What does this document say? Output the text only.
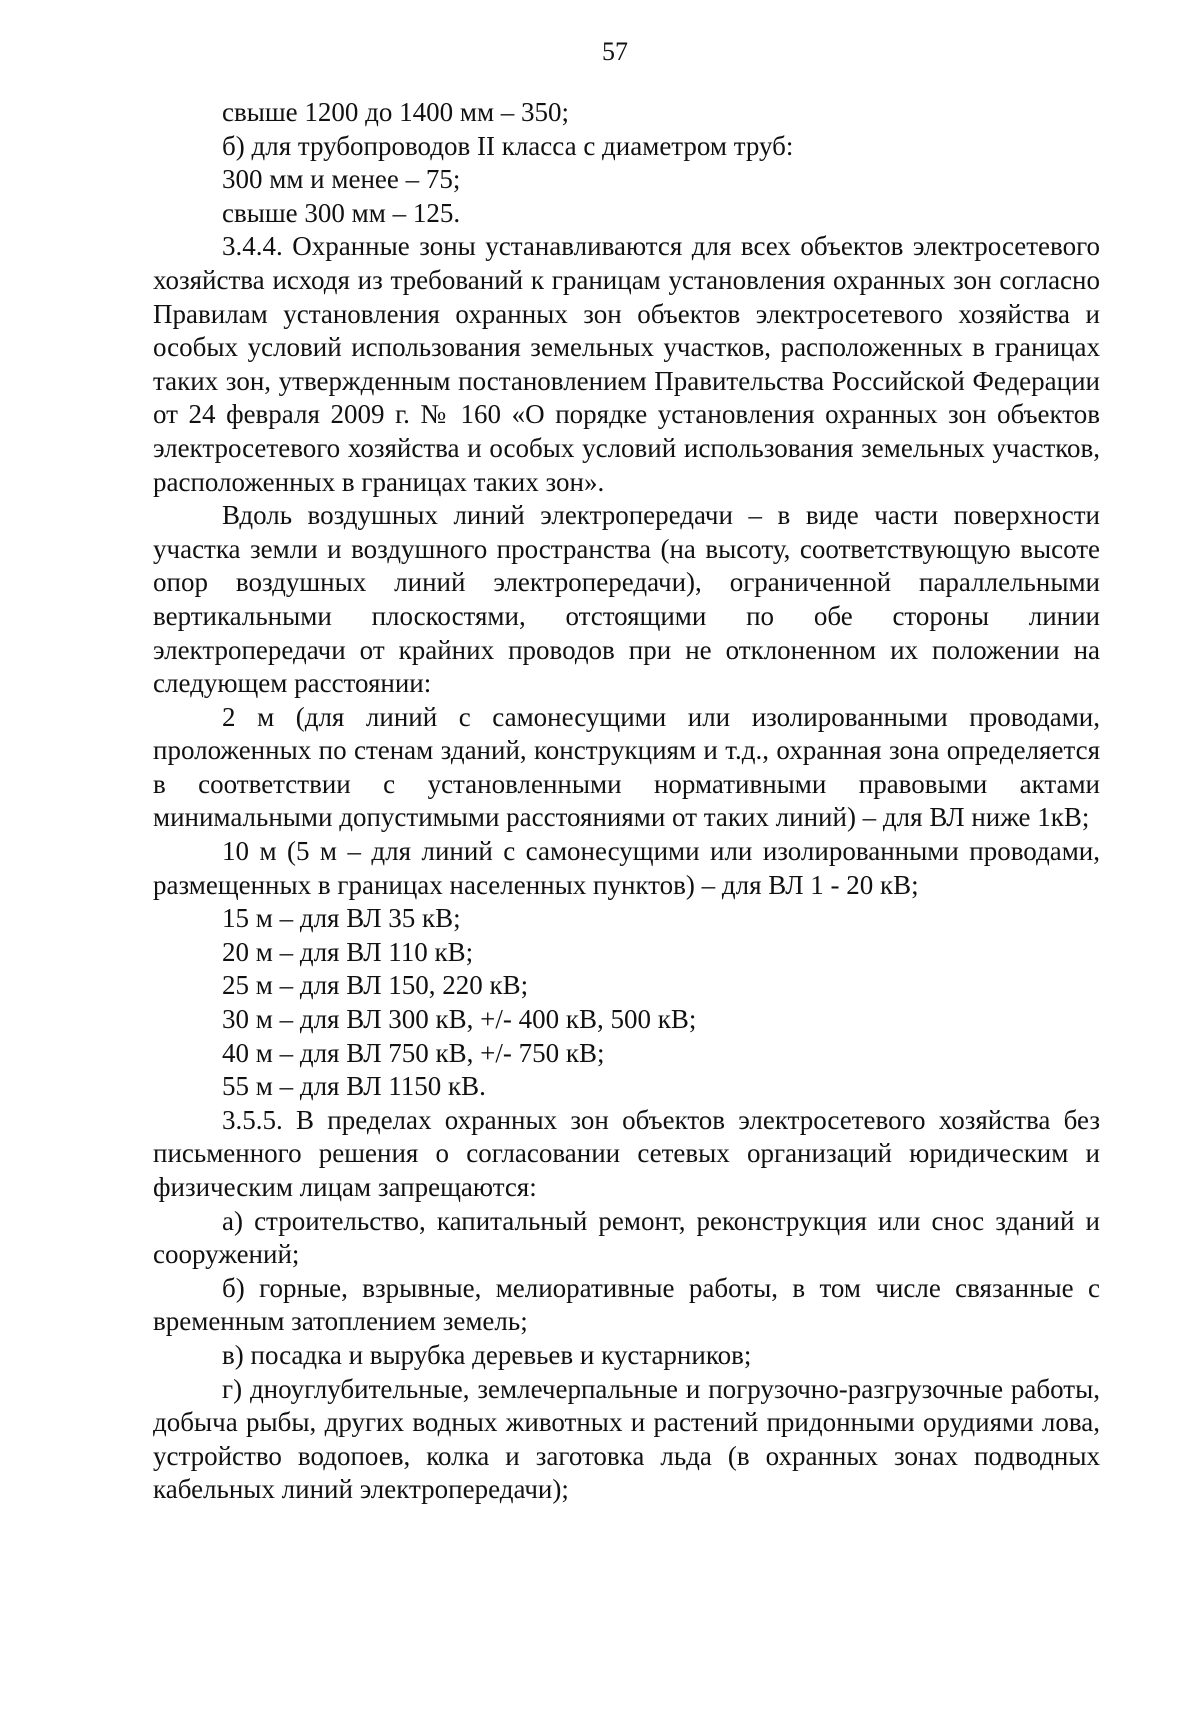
57

свыше 1200 до 1400 мм – 350;

б) для трубопроводов II класса с диаметром труб:

300 мм и менее – 75;

свыше 300 мм – 125.

3.4.4. Охранные зоны устанавливаются для всех объектов электросетевого хозяйства исходя из требований к границам установления охранных зон согласно Правилам установления охранных зон объектов электросетевого хозяйства и особых условий использования земельных участков, расположенных в границах таких зон, утвержденным постановлением Правительства Российской Федерации от 24 февраля 2009 г. № 160 «О порядке установления охранных зон объектов электросетевого хозяйства и особых условий использования земельных участков, расположенных в границах таких зон».

Вдоль воздушных линий электропередачи – в виде части поверхности участка земли и воздушного пространства (на высоту, соответствующую высоте опор воздушных линий электропередачи), ограниченной параллельными вертикальными плоскостями, отстоящими по обе стороны линии электропередачи от крайних проводов при не отклоненном их положении на следующем расстоянии:

2 м (для линий с самонесущими или изолированными проводами, проложенных по стенам зданий, конструкциям и т.д., охранная зона определяется в соответствии с установленными нормативными правовыми актами минимальными допустимыми расстояниями от таких линий) – для ВЛ ниже 1кВ;

10 м (5 м – для линий с самонесущими или изолированными проводами, размещенных в границах населенных пунктов) – для ВЛ 1 - 20 кВ;

15 м – для ВЛ 35 кВ;

20 м – для ВЛ 110 кВ;

25 м – для ВЛ 150, 220 кВ;

30 м – для ВЛ 300 кВ, +/- 400 кВ, 500 кВ;

40 м – для ВЛ 750 кВ, +/- 750 кВ;

55 м – для ВЛ 1150 кВ.

3.5.5. В пределах охранных зон объектов электросетевого хозяйства без письменного решения о согласовании сетевых организаций юридическим и физическим лицам запрещаются:

а) строительство, капитальный ремонт, реконструкция или снос зданий и сооружений;

б) горные, взрывные, мелиоративные работы, в том числе связанные с временным затоплением земель;

в) посадка и вырубка деревьев и кустарников;

г) дноуглубительные, землечерпальные и погрузочно-разгрузочные работы, добыча рыбы, других водных животных и растений придонными орудиями лова, устройство водопоев, колка и заготовка льда (в охранных зонах подводных кабельных линий электропередачи);
